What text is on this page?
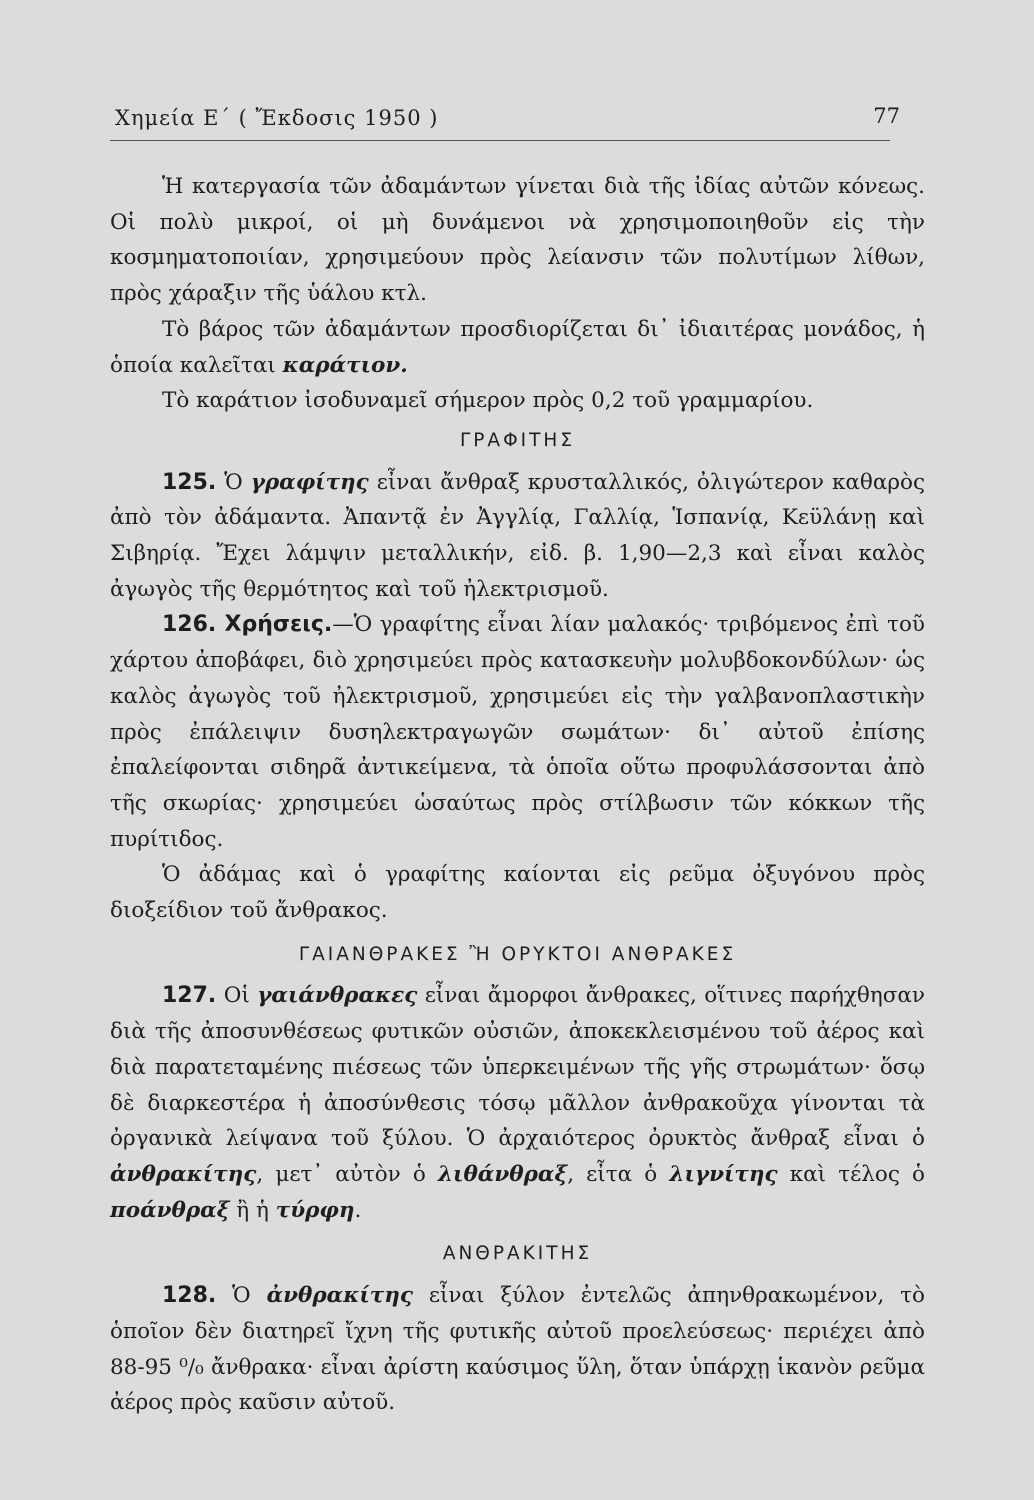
Χημεία Ε΄ ( Ἔκδοσις 1950 )	77

Ἡ κατεργασία τῶν ἀδαμάντων γίνεται διὰ τῆς ἰδίας αὐτῶν κόνεως. Οἱ πολὺ μικροί, οἱ μὴ δυνάμενοι νὰ χρησιμοποιηθοῦν εἰς τὴν κοσμηματοποιίαν, χρησιμεύουν πρὸς λείανσιν τῶν πολυτίμων λίθων, πρὸς χάραξιν τῆς ὑάλου κτλ.

Τὸ βάρος τῶν ἀδαμάντων προσδιορίζεται δι᾿ ἰδιαιτέρας μονάδος, ἡ ὁποία καλεῖται καράτιον.

Τὸ καράτιον ἰσοδυναμεῖ σήμερον πρὸς 0,2 τοῦ γραμμαρίου.

ΓΡΑΦΙΤΗΣ

125. Ὁ γραφίτης εἶναι ἄνθραξ κρυσταλλικός, ὀλιγώτερον καθαρὸς ἀπὸ τὸν ἀδάμαντα. Ἀπαντᾷ ἐν Ἀγγλίᾳ, Γαλλίᾳ, Ἱσπανίᾳ, Κεϋλάνῃ καὶ Σιβηρίᾳ. Ἔχει λάμψιν μεταλλικήν, εἰδ. β. 1,90—2,3 καὶ εἶναι καλὸς ἀγωγὸς τῆς θερμότητος καὶ τοῦ ἠλεκτρισμοῦ.

126. Χρήσεις.—Ὁ γραφίτης εἶναι λίαν μαλακός· τριβόμενος ἐπὶ τοῦ χάρτου ἀποβάφει, διὸ χρησιμεύει πρὸς κατασκευὴν μολυβδοκονδύλων· ὡς καλὸς ἀγωγὸς τοῦ ἠλεκτρισμοῦ, χρησιμεύει εἰς τὴν γαλβανοπλαστικὴν πρὸς ἐπάλειψιν δυσηλεκτραγωγῶν σωμάτων· δι᾿ αὐτοῦ ἐπίσης ἐπαλείφονται σιδηρᾶ ἀντικείμενα, τὰ ὁποῖα οὕτω προφυλάσσονται ἀπὸ τῆς σκωρίας· χρησιμεύει ὡσαύτως πρὸς στίλβωσιν τῶν κόκκων τῆς πυρίτιδος.

Ὁ ἀδάμας καὶ ὁ γραφίτης καίονται εἰς ρεῦμα ὀξυγόνου πρὸς διοξείδιον τοῦ ἄνθρακος.

ΓΑΙΑΝΘΡΑΚΕΣ Ἢ ΟΡΥΚΤΟΙ ΑΝΘΡΑΚΕΣ

127. Οἱ γαιάνθρακες εἶναι ἄμορφοι ἄνθρακες, οἵτινες παρήχθησαν διὰ τῆς ἀποσυνθέσεως φυτικῶν οὐσιῶν, ἀποκεκλεισμένου τοῦ ἀέρος καὶ διὰ παρατεταμένης πιέσεως τῶν ὑπερκειμένων τῆς γῆς στρωμάτων· ὅσῳ δὲ διαρκεστέρα ἡ ἀποσύνθεσις τόσῳ μᾶλλον ἀνθρακοῦχα γίνονται τὰ ὀργανικὰ λείψανα τοῦ ξύλου. Ὁ ἀρχαιότερος ὀρυκτὸς ἄνθραξ εἶναι ὁ ἀνθρακίτης, μετ᾿ αὐτὸν ὁ λιθάνθραξ, εἶτα ὁ λιγνίτης καὶ τέλος ὁ ποάνθραξ ἢ ἡ τύρφη.

ΑΝΘΡΑΚΙΤΗΣ

128. Ὁ ἀνθρακίτης εἶναι ξύλον ἐντελῶς ἀπηνθρακωμένον, τὸ ὁποῖον δὲν διατηρεῖ ἴχνη τῆς φυτικῆς αὐτοῦ προελεύσεως· περιέχει ἀπὸ 88-95 ⁰/₀ ἄνθρακα· εἶναι ἀρίστη καύσιμος ὕλη, ὅταν ὑπάρχῃ ἱκανὸν ρεῦμα ἀέρος πρὸς καῦσιν αὐτοῦ.
